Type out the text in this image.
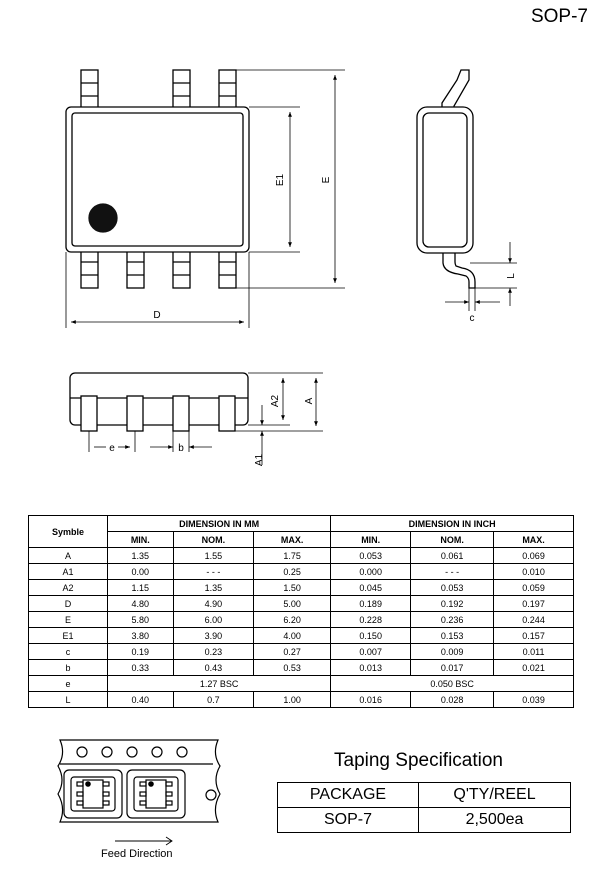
SOP-7
E1	E
D
L
c
A
A2
A1
e	b
Symble	DIMENSION IN MM			DIMENSION IN INCH		
	MIN.	NOM.	MAX.	MIN.	NOM.	MAX.
A	1.35	1.55	1.75	0.053	0.061	0.069
A1	0.00	- - -	0.25	0.000	- - -	0.010
A2	1.15	1.35	1.50	0.045	0.053	0.059
D	4.80	4.90	5.00	0.189	0.192	0.197
E	5.80	6.00	6.20	0.228	0.236	0.244
E1	3.80	3.90	4.00	0.150	0.153	0.157
c	0.19	0.23	0.27	0.007	0.009	0.011
b	0.33	0.43	0.53	0.013	0.017	0.021
e	1.27 BSC			0.050 BSC		
L	0.40	0.7	1.00	0.016	0.028	0.039
Taping Specification
PACKAGE	Q'TY/REEL
SOP-7	2,500ea
Feed Direction
